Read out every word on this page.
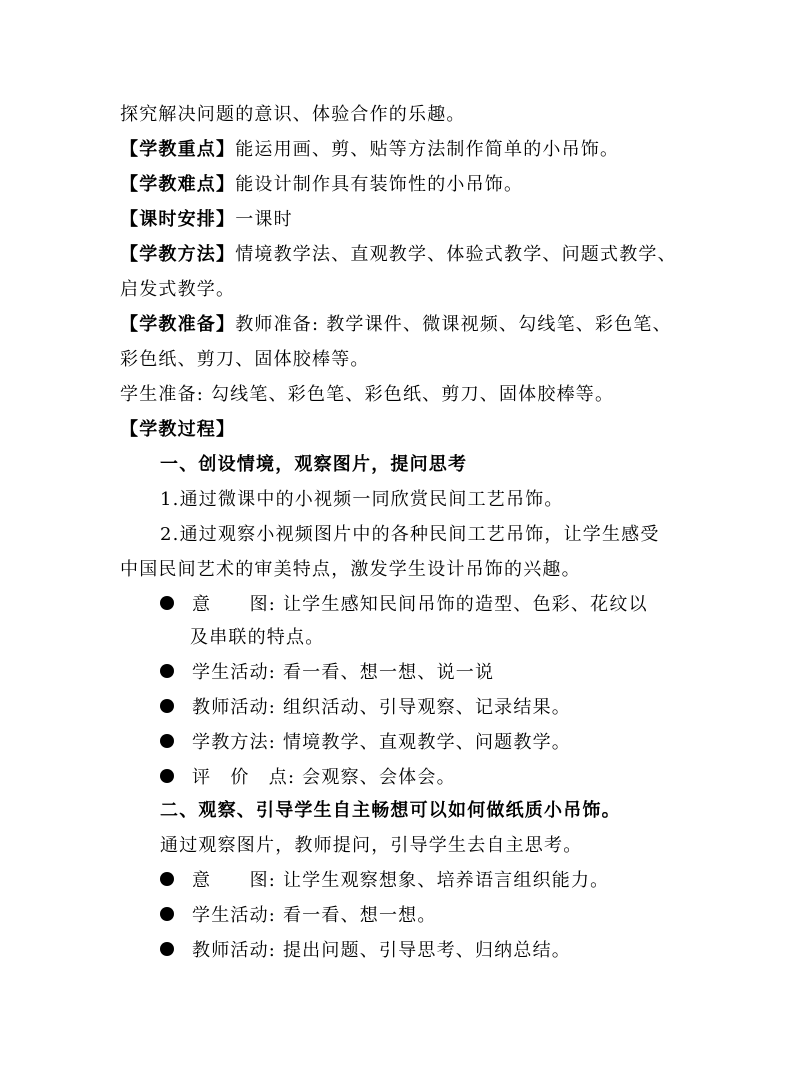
探究解决问题的意识、体验合作的乐趣。
【学教重点】能运用画、剪、贴等方法制作简单的小吊饰。
【学教难点】能设计制作具有装饰性的小吊饰。
【课时安排】一课时
【学教方法】情境教学法、直观教学、体验式教学、问题式教学、
启发式教学。
【学教准备】教师准备: 教学课件、微课视频、勾线笔、彩色笔、
彩色纸、剪刀、固体胶棒等。
学生准备: 勾线笔、彩色笔、彩色纸、剪刀、固体胶棒等。
【学教过程】
一、创设情境，观察图片，提问思考
1.通过微课中的小视频一同欣赏民间工艺吊饰。
2.通过观察小视频图片中的各种民间工艺吊饰，让学生感受
中国民间艺术的审美特点，激发学生设计吊饰的兴趣。
意　　图: 让学生感知民间吊饰的造型、色彩、花纹以
及串联的特点。
学生活动: 看一看、想一想、说一说
教师活动: 组织活动、引导观察、记录结果。
学教方法: 情境教学、直观教学、问题教学。
评　价　点: 会观察、会体会。
二、观察、引导学生自主畅想可以如何做纸质小吊饰。
通过观察图片，教师提问，引导学生去自主思考。
意　　图: 让学生观察想象、培养语言组织能力。
学生活动: 看一看、想一想。
教师活动: 提出问题、引导思考、归纳总结。
